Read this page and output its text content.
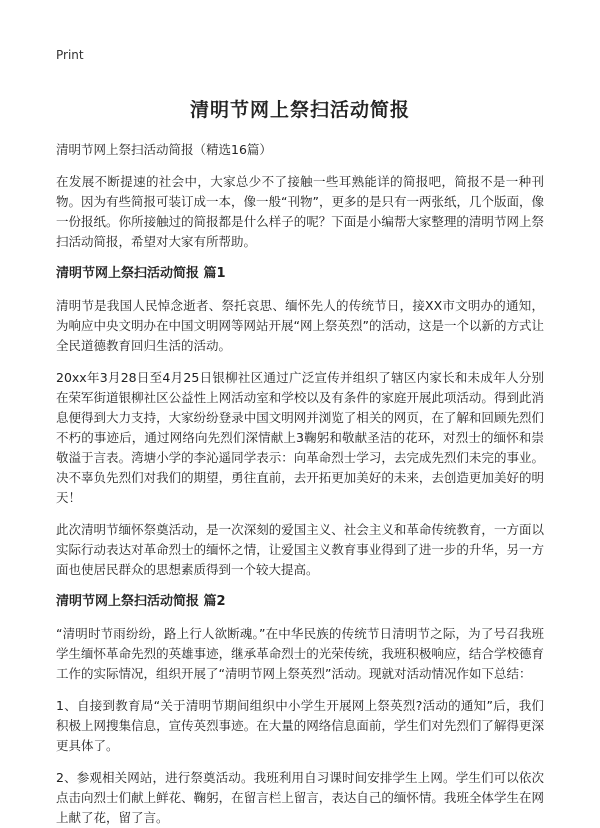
Print
清明节网上祭扫活动简报
清明节网上祭扫活动简报（精选16篇）

在发展不断提速的社会中，大家总少不了接触一些耳熟能详的简报吧，简报不是一种刊物。因为有些简报可装订成一本，像一般“刊物”，更多的是只有一两张纸，几个版面，像一份报纸。你所接触过的简报都是什么样子的呢？下面是小编帮大家整理的清明节网上祭扫活动简报，希望对大家有所帮助。

清明节网上祭扫活动简报 篇1

清明节是我国人民悼念逝者、祭托哀思、缅怀先人的传统节日，接XX市文明办的通知，为响应中央文明办在中国文明网等网站开展“网上祭英烈”的活动，这是一个以新的方式让全民道德教育回归生活的活动。

20xx年3月28日至4月25日银柳社区通过广泛宣传并组织了辖区内家长和未成年人分别在荣军街道银柳社区公益性上网活动室和学校以及有条件的家庭开展此项活动。得到此消息便得到大力支持，大家纷纷登录中国文明网并浏览了相关的网页，在了解和回顾先烈们不朽的事迹后，通过网络向先烈们深情献上3鞠躬和敬献圣洁的花环，对烈士的缅怀和崇敬溢于言表。湾塘小学的李沁遥同学表示：向革命烈士学习，去完成先烈们未完的事业。决不辜负先烈们对我们的期望，勇往直前，去开拓更加美好的未来，去创造更加美好的明天！

此次清明节缅怀祭奠活动，是一次深刻的爱国主义、社会主义和革命传统教育，一方面以实际行动表达对革命烈士的缅怀之情，让爱国主义教育事业得到了进一步的升华，另一方面也使居民群众的思想素质得到一个较大提高。

清明节网上祭扫活动简报 篇2

“清明时节雨纷纷，路上行人欲断魂。”在中华民族的传统节日清明节之际，为了号召我班学生缅怀革命先烈的英雄事迹，继承革命烈士的光荣传统，我班积极响应，结合学校德育工作的实际情况，组织开展了“清明节网上祭英烈”活动。现就对活动情况作如下总结：

1、自接到教育局“关于清明节期间组织中小学生开展网上祭英烈?活动的通知”后，我们积极上网搜集信息，宣传英烈事迹。在大量的网络信息面前，学生们对先烈们了解得更深更具体了。

2、参观相关网站，进行祭奠活动。我班利用自习课时间安排学生上网。学生们可以依次点击向烈士们献上鲜花、鞠躬，在留言栏上留言，表达自己的缅怀情。我班全体学生在网上献了花，留了言。
